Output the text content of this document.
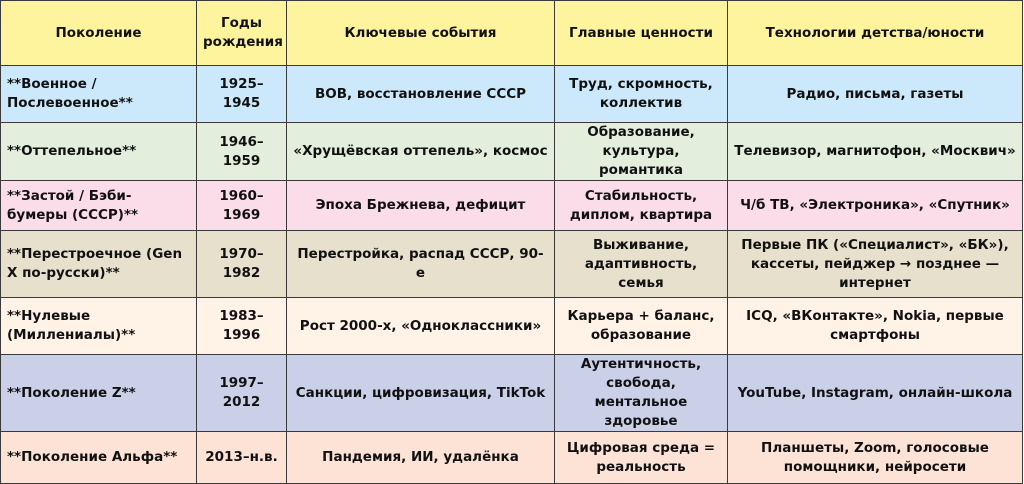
Поколение	Годы рождения	Ключевые события	Главные ценности	Технологии детства/юности
**Военное / Послевоенное**	1925–1945	ВОВ, восстановление СССР	Труд, скромность, коллектив	Радио, письма, газеты
**Оттепельное**	1946–1959	«Хрущёвская оттепель», космос	Образование, культура, романтика	Телевизор, магнитофон, «Москвич»
**Застой / Бэби-бумеры (СССР)**	1960–1969	Эпоха Брежнева, дефицит	Стабильность, диплом, квартира	Ч/б ТВ, «Электроника», «Спутник»
**Перестроечное (Gen X по-русски)**	1970–1982	Перестройка, распад СССР, 90-е	Выживание, адаптивность, семья	Первые ПК («Специалист», «БК»), кассеты, пейджер → позднее — интернет
**Нулевые (Миллениалы)**	1983–1996	Рост 2000-х, «Одноклассники»	Карьера + баланс, образование	ICQ, «ВКонтакте», Nokia, первые смартфоны
**Поколение Z**	1997–2012	Санкции, цифровизация, TikTok	Аутентичность, свобода, ментальное здоровье	YouTube, Instagram, онлайн-школа
**Поколение Альфа**	2013–н.в.	Пандемия, ИИ, удалёнка	Цифровая среда = реальность	Планшеты, Zoom, голосовые помощники, нейросети
